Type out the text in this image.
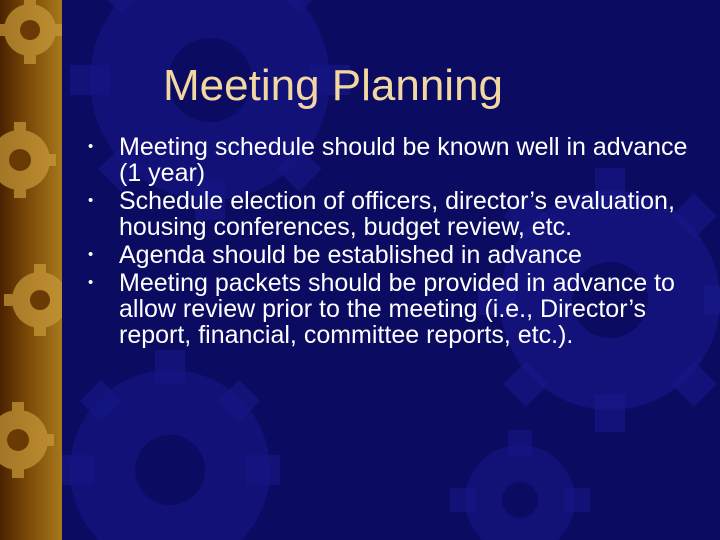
Meeting Planning
• Meeting schedule should be known well in advance (1 year)
• Schedule election of officers, director’s evaluation, housing conferences, budget review, etc.
• Agenda should be established in advance
• Meeting packets should be provided in advance to allow review prior to the meeting (i.e., Director’s report, financial, committee reports, etc.).
